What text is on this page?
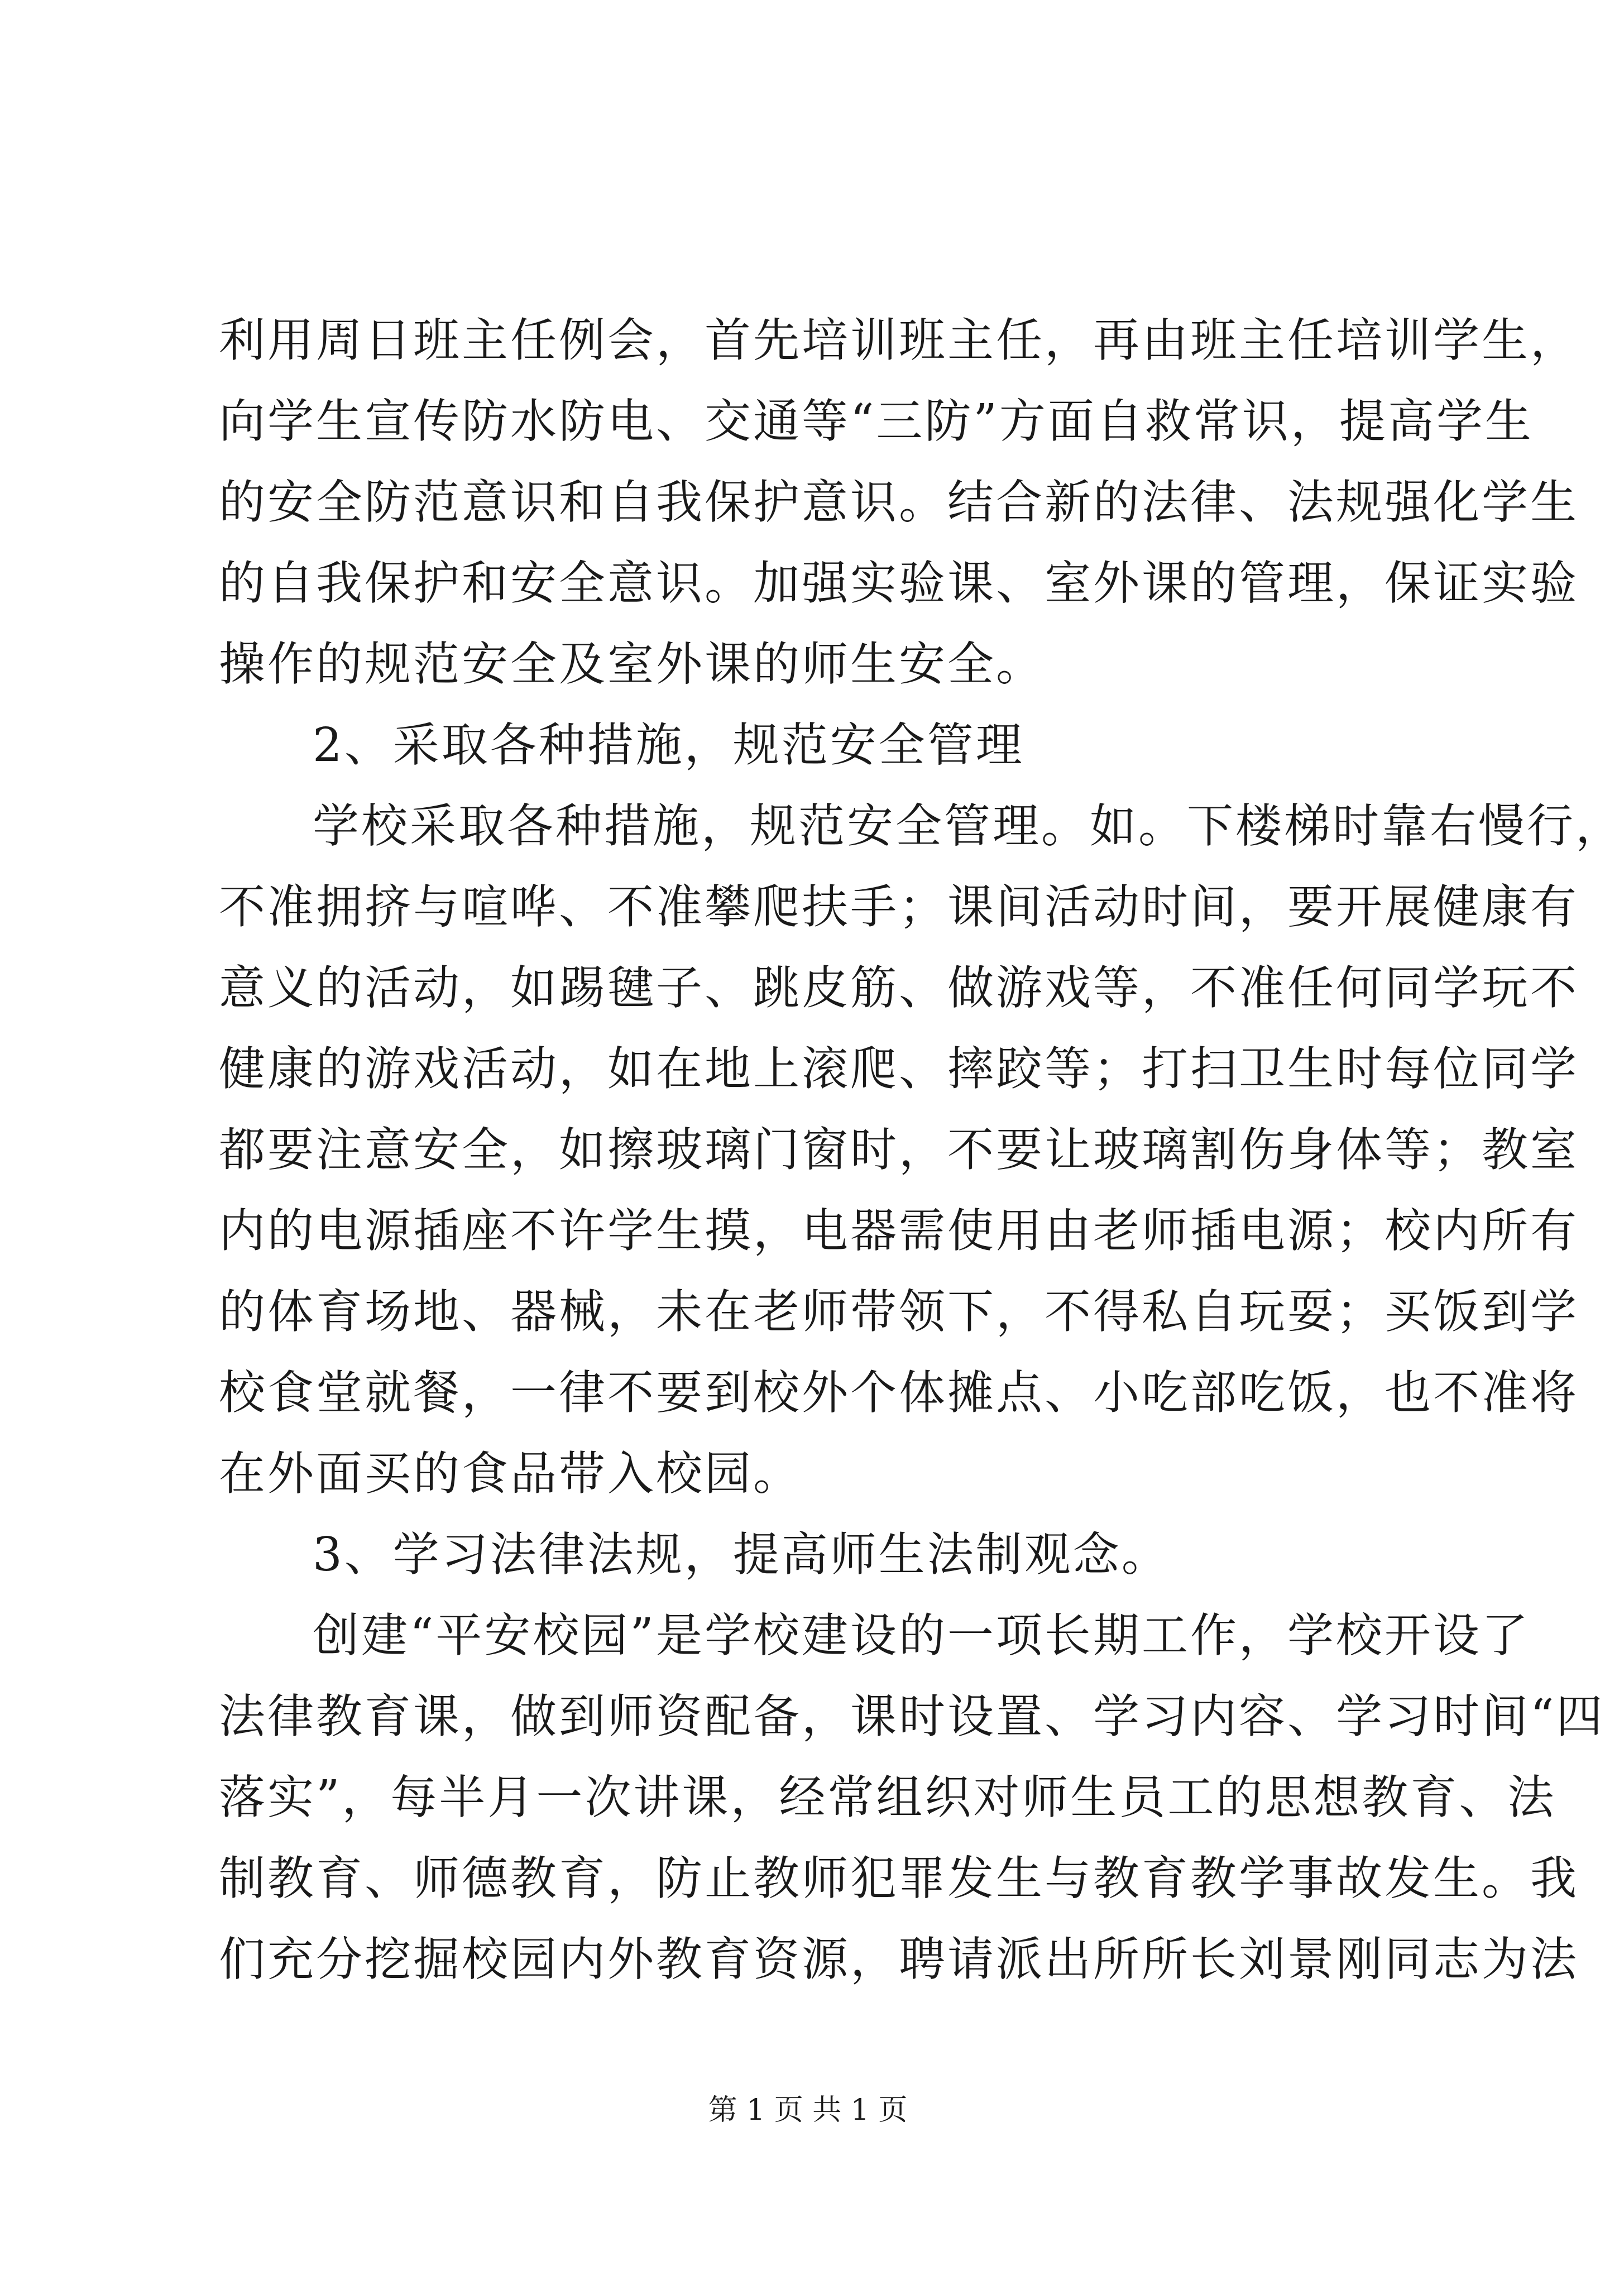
利用周日班主任例会，首先培训班主任，再由班主任培训学生，
向学生宣传防水防电、交通等“三防”方面自救常识，提高学生
的安全防范意识和自我保护意识。结合新的法律、法规强化学生
的自我保护和安全意识。加强实验课、室外课的管理，保证实验
操作的规范安全及室外课的师生安全。
2、采取各种措施，规范安全管理
学校采取各种措施，规范安全管理。如。下楼梯时靠右慢行，
不准拥挤与喧哗、不准攀爬扶手；课间活动时间，要开展健康有
意义的活动，如踢毽子、跳皮筋、做游戏等，不准任何同学玩不
健康的游戏活动，如在地上滚爬、摔跤等；打扫卫生时每位同学
都要注意安全，如擦玻璃门窗时，不要让玻璃割伤身体等；教室
内的电源插座不许学生摸，电器需使用由老师插电源；校内所有
的体育场地、器械，未在老师带领下，不得私自玩耍；买饭到学
校食堂就餐，一律不要到校外个体摊点、小吃部吃饭，也不准将
在外面买的食品带入校园。
3、学习法律法规，提高师生法制观念。
创建“平安校园”是学校建设的一项长期工作，学校开设了
法律教育课，做到师资配备，课时设置、学习内容、学习时间“四
落实”，每半月一次讲课，经常组织对师生员工的思想教育、法
制教育、师德教育，防止教师犯罪发生与教育教学事故发生。我
们充分挖掘校园内外教育资源，聘请派出所所长刘景刚同志为法
第 1 页 共 1 页
